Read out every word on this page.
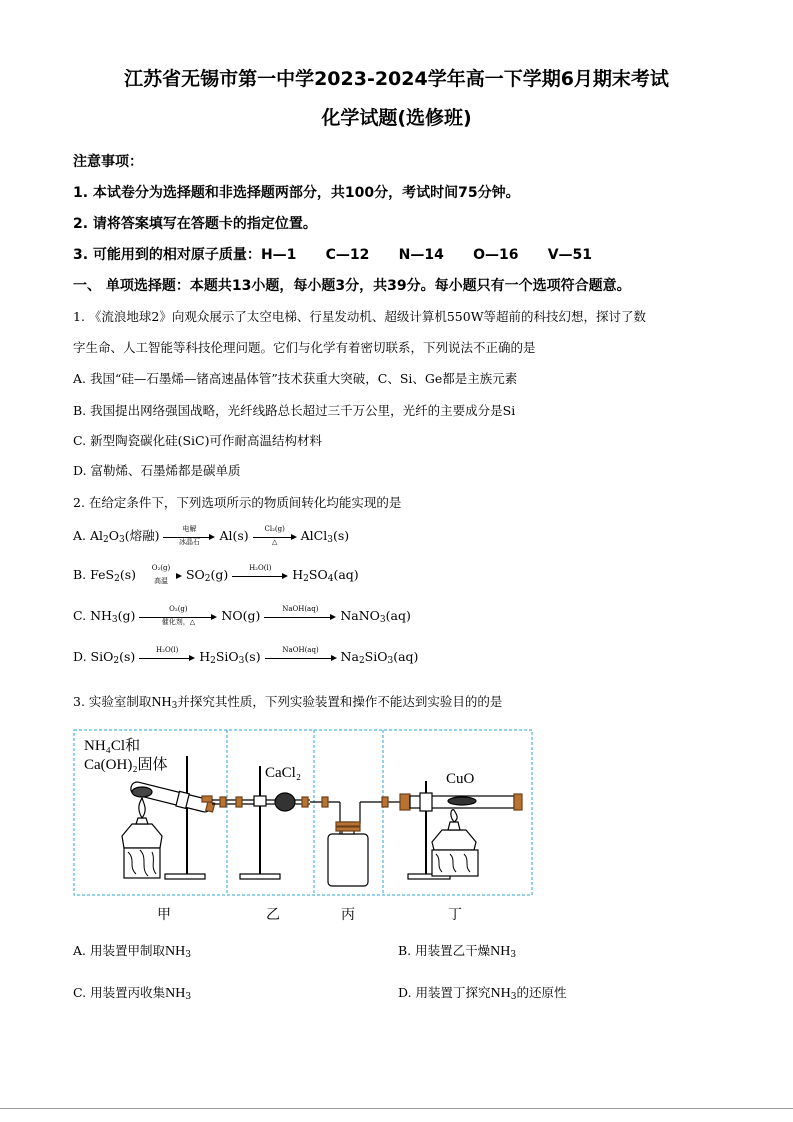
江苏省无锡市第一中学2023-2024学年高一下学期6月期末考试
化学试题(选修班)
注意事项：
1. 本试卷分为选择题和非选择题两部分，共100分，考试时间75分钟。
2. 请将答案填写在答题卡的指定位置。
3. 可能用到的相对原子质量：H—1      C—12      N—14      O—16      V—51
一、 单项选择题：本题共13小题，每小题3分，共39分。每小题只有一个选项符合题意。
1. 《流浪地球2》向观众展示了太空电梯、行星发动机、超级计算机550W等超前的科技幻想，探讨了数
字生命、人工智能等科技伦理问题。它们与化学有着密切联系，下列说法不正确的是
A. 我国“硅—石墨烯—锗高速晶体管”技术获重大突破，C、Si、Ge都是主族元素
B. 我国提出网络强国战略，光纤线路总长超过三千万公里，光纤的主要成分是Si
C. 新型陶瓷碳化硅(SiC)可作耐高温结构材料
D. 富勒烯、石墨烯都是碳单质
2. 在给定条件下，下列选项所示的物质间转化均能实现的是
A. $Al_2O_3$(熔融)	电解
冰晶石	Al(s)	Cl₂(g)
△	AlCl$_3$(s)
B. FeS$_2$(s)	O₂(g)
高温	$SO_2(g)$	H₂O(l)	$H_2SO_4(aq)$
C. $NH_3(g)$	O₂(g)
催化剂，△	NO(g)	NaOH(aq)	NaNO$_3$(aq)
D. SiO$_2$(s)	H₂O(l)	$H_2SiO_3(s)$	NaOH(aq)	$Na_2SiO_3(aq)$
3. 实验室制取$NH_3$并探究其性质，下列实验装置和操作不能达到实验目的的是
NH₄Cl和
Ca(OH)₂固体	CaCl₂	CuO
甲	乙	丙	丁
A. 用装置甲制取$NH_3$	B. 用装置乙干燥$NH_3$
C. 用装置丙收集$NH_3$	D. 用装置丁探究$NH_3$的还原性
